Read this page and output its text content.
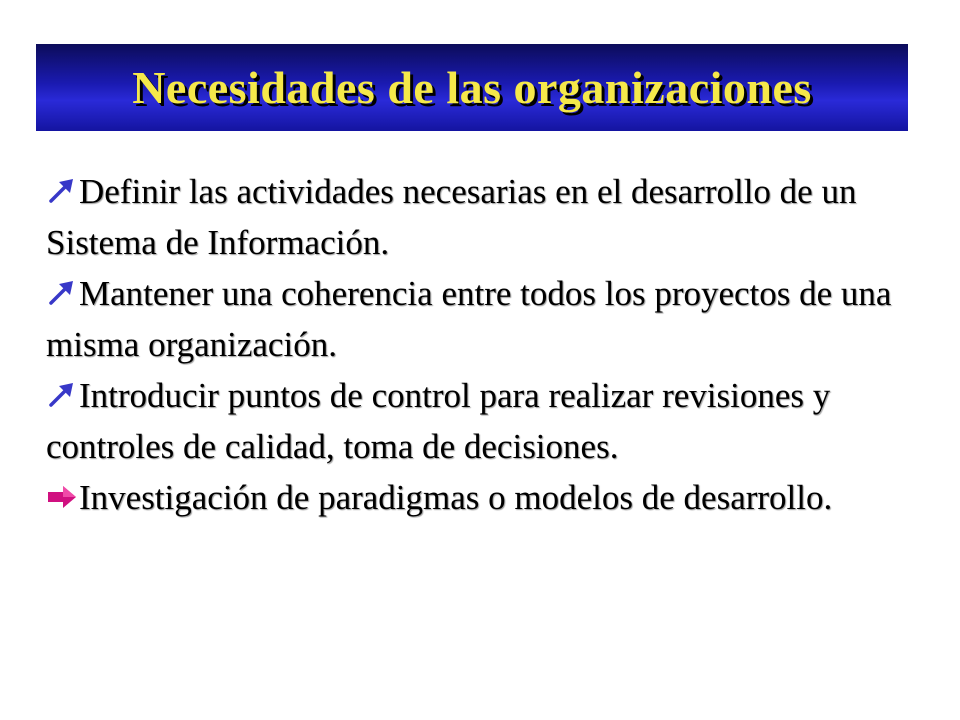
Necesidades de las organizaciones

Definir las actividades necesarias en el desarrollo de un Sistema de Información.

Mantener una coherencia entre todos los proyectos de una misma organización.

Introducir puntos de control para realizar revisiones y controles de calidad, toma de decisiones.

Investigación de paradigmas o modelos de desarrollo.
